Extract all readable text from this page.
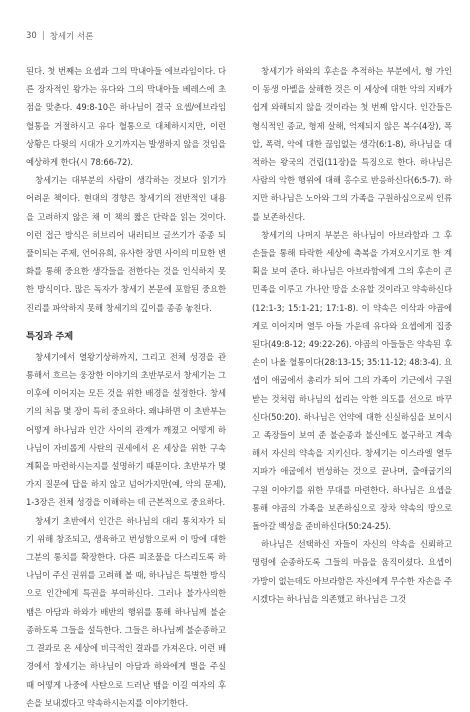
30 | 창세기 서론

된다. 첫 번째는 요셉과 그의 막내아들 에브라임이다. 다른 장자적인 왕가는 유다와 그의 막내아들 베레스에 초점을 맞춘다. 49:8-10은 하나님이 결국 요셉/에브라임 혈통을 거절하시고 유다 혈통으로 대체하시지만, 이런 상황은 다윗의 시대가 오기까지는 발생하지 않을 것임을 예상하게 한다(시 78:66-72).

창세기는 대부분의 사람이 생각하는 것보다 읽기가 어려운 책이다. 현대의 경향은 창세기의 전반적인 내용을 고려하지 않은 채 이 책의 짧은 단락을 읽는 것이다. 이런 접근 방식은 히브리어 내러티브 글쓰기가 종종 되풀이되는 주제, 언어유희, 유사한 장면 사이의 미묘한 변화를 통해 중요한 생각들을 전한다는 것을 인식하지 못한 방식이다. 많은 독자가 창세기 본문에 포함된 중요한 진리를 파악하지 못해 창세기의 깊이를 종종 놓친다.

특징과 주제

창세기에서 열왕기상하까지, 그리고 전체 성경을 관통해서 흐르는 웅장한 이야기의 초반부로서 창세기는 그 이후에 이어지는 모든 것을 위한 배경을 설정한다. 창세기의 처음 몇 장이 특히 중요하다. 왜냐하면 이 초반부는 어떻게 하나님과 인간 사이의 관계가 깨졌고 어떻게 하나님이 자비롭게 사탄의 권세에서 온 세상을 위한 구속 계획을 마련하시는지를 설명하기 때문이다. 초반부가 몇 가지 질문에 답을 하지 않고 넘어가지만(예, 악의 문제), 1-3장은 전체 성경을 이해하는 데 근본적으로 중요하다.

창세기 초반에서 인간은 하나님의 대리 통치자가 되기 위해 창조되고, 생육하고 번성함으로써 이 땅에 대한 그분의 통치를 확장한다. 다른 피조물을 다스리도록 하나님이 주신 권위를 고려해 볼 때, 하나님은 특별한 방식으로 인간에게 특권을 부여하신다. 그러나 불가사의한 뱀은 아담과 하와가 배반의 행위를 통해 하나님께 불순종하도록 그들을 설득한다. 그들은 하나님께 불순종하고 그 결과로 온 세상에 비극적인 결과를 가져온다. 이런 배경에서 창세기는 하나님이 아담과 하와에게 벌을 주실 때 어떻게 나중에 사탄으로 드러난 뱀을 이길 여자의 후손을 보내겠다고 약속하시는지를 이야기한다.

창세기가 하와의 후손을 추적하는 부분에서, 형 가인이 동생 아벨을 살해한 것은 이 세상에 대한 악의 지배가 쉽게 와해되지 않을 것이라는 첫 번째 암시다. 인간들은 형식적인 종교, 형제 살해, 억제되지 않은 복수(4장), 폭압, 폭력, 악에 대한 끊임없는 생각(6:1-8), 하나님을 대적하는 왕국의 건립(11장)을 특징으로 한다. 하나님은 사람의 악한 행위에 대해 홍수로 반응하신다(6:5-7). 하지만 하나님은 노아와 그의 가족을 구원하심으로써 인류를 보존하신다.

창세기의 나머지 부분은 하나님이 아브라함과 그 후손들을 통해 타락한 세상에 축복을 가져오시기로 한 계획을 보여 준다. 하나님은 아브라함에게 그의 후손이 큰 민족을 이루고 가나안 땅을 소유할 것이라고 약속하신다(12:1-3; 15:1-21; 17:1-8). 이 약속은 이삭과 야곱에게로 이어지며 열두 아들 가운데 유다와 요셉에게 집중된다(49:8-12; 49:22-26). 야곱의 아들들은 약속된 후손이 나올 혈통이다(28:13-15; 35:11-12; 48:3-4). 요셉이 애굽에서 총리가 되어 그의 가족이 기근에서 구원받는 것처럼 하나님의 섭리는 악한 의도를 선으로 바꾸신다(50:20). 하나님은 언약에 대한 신실하심을 보이시고 족장들이 보여 준 불순종과 불신에도 불구하고 계속해서 자신의 약속을 지키신다. 창세기는 이스라엘 열두 지파가 애굽에서 번성하는 것으로 끝나며, 출애굽기의 구원 이야기를 위한 무대를 마련한다. 하나님은 요셉을 통해 야곱의 가족을 보존하심으로 장차 약속의 땅으로 돌아갈 백성을 준비하신다(50:24-25).

하나님은 선택하신 자들이 자신의 약속을 신뢰하고 명령에 순종하도록 그들의 마음을 움직이셨다. 요셉이 가방이 없는데도 아브라함은 자신에게 무수한 자손을 주시겠다는 하나님을 의존했고 하나님은 그것
